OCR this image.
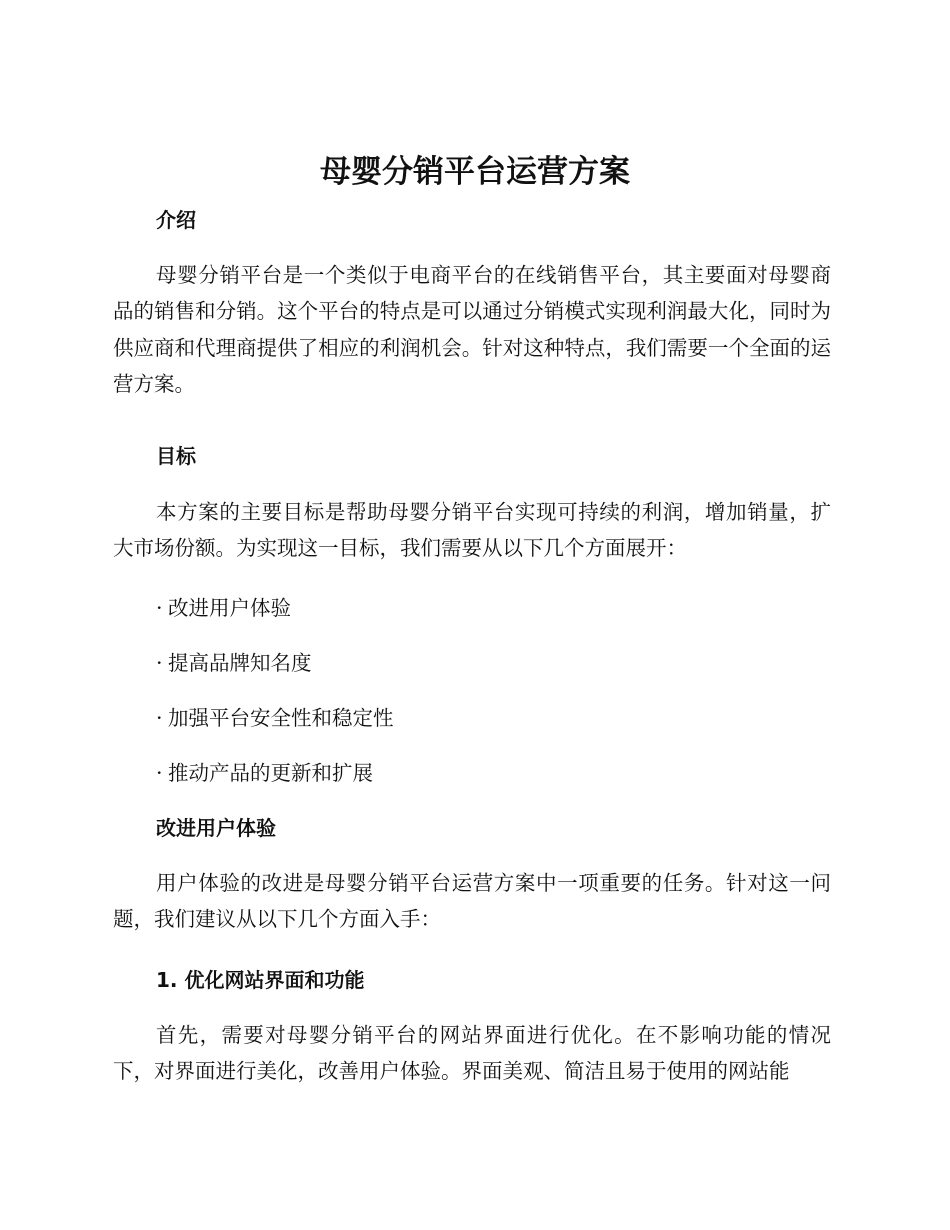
母婴分销平台运营方案
介绍

母婴分销平台是一个类似于电商平台的在线销售平台，其主要面对母婴商品的销售和分销。这个平台的特点是可以通过分销模式实现利润最大化，同时为供应商和代理商提供了相应的利润机会。针对这种特点，我们需要一个全面的运营方案。

目标

本方案的主要目标是帮助母婴分销平台实现可持续的利润，增加销量，扩大市场份额。为实现这一目标，我们需要从以下几个方面展开：

· 改进用户体验

· 提高品牌知名度

· 加强平台安全性和稳定性

· 推动产品的更新和扩展

改进用户体验

用户体验的改进是母婴分销平台运营方案中一项重要的任务。针对这一问题，我们建议从以下几个方面入手：

1. 优化网站界面和功能

首先，需要对母婴分销平台的网站界面进行优化。在不影响功能的情况下，对界面进行美化，改善用户体验。界面美观、简洁且易于使用的网站能
